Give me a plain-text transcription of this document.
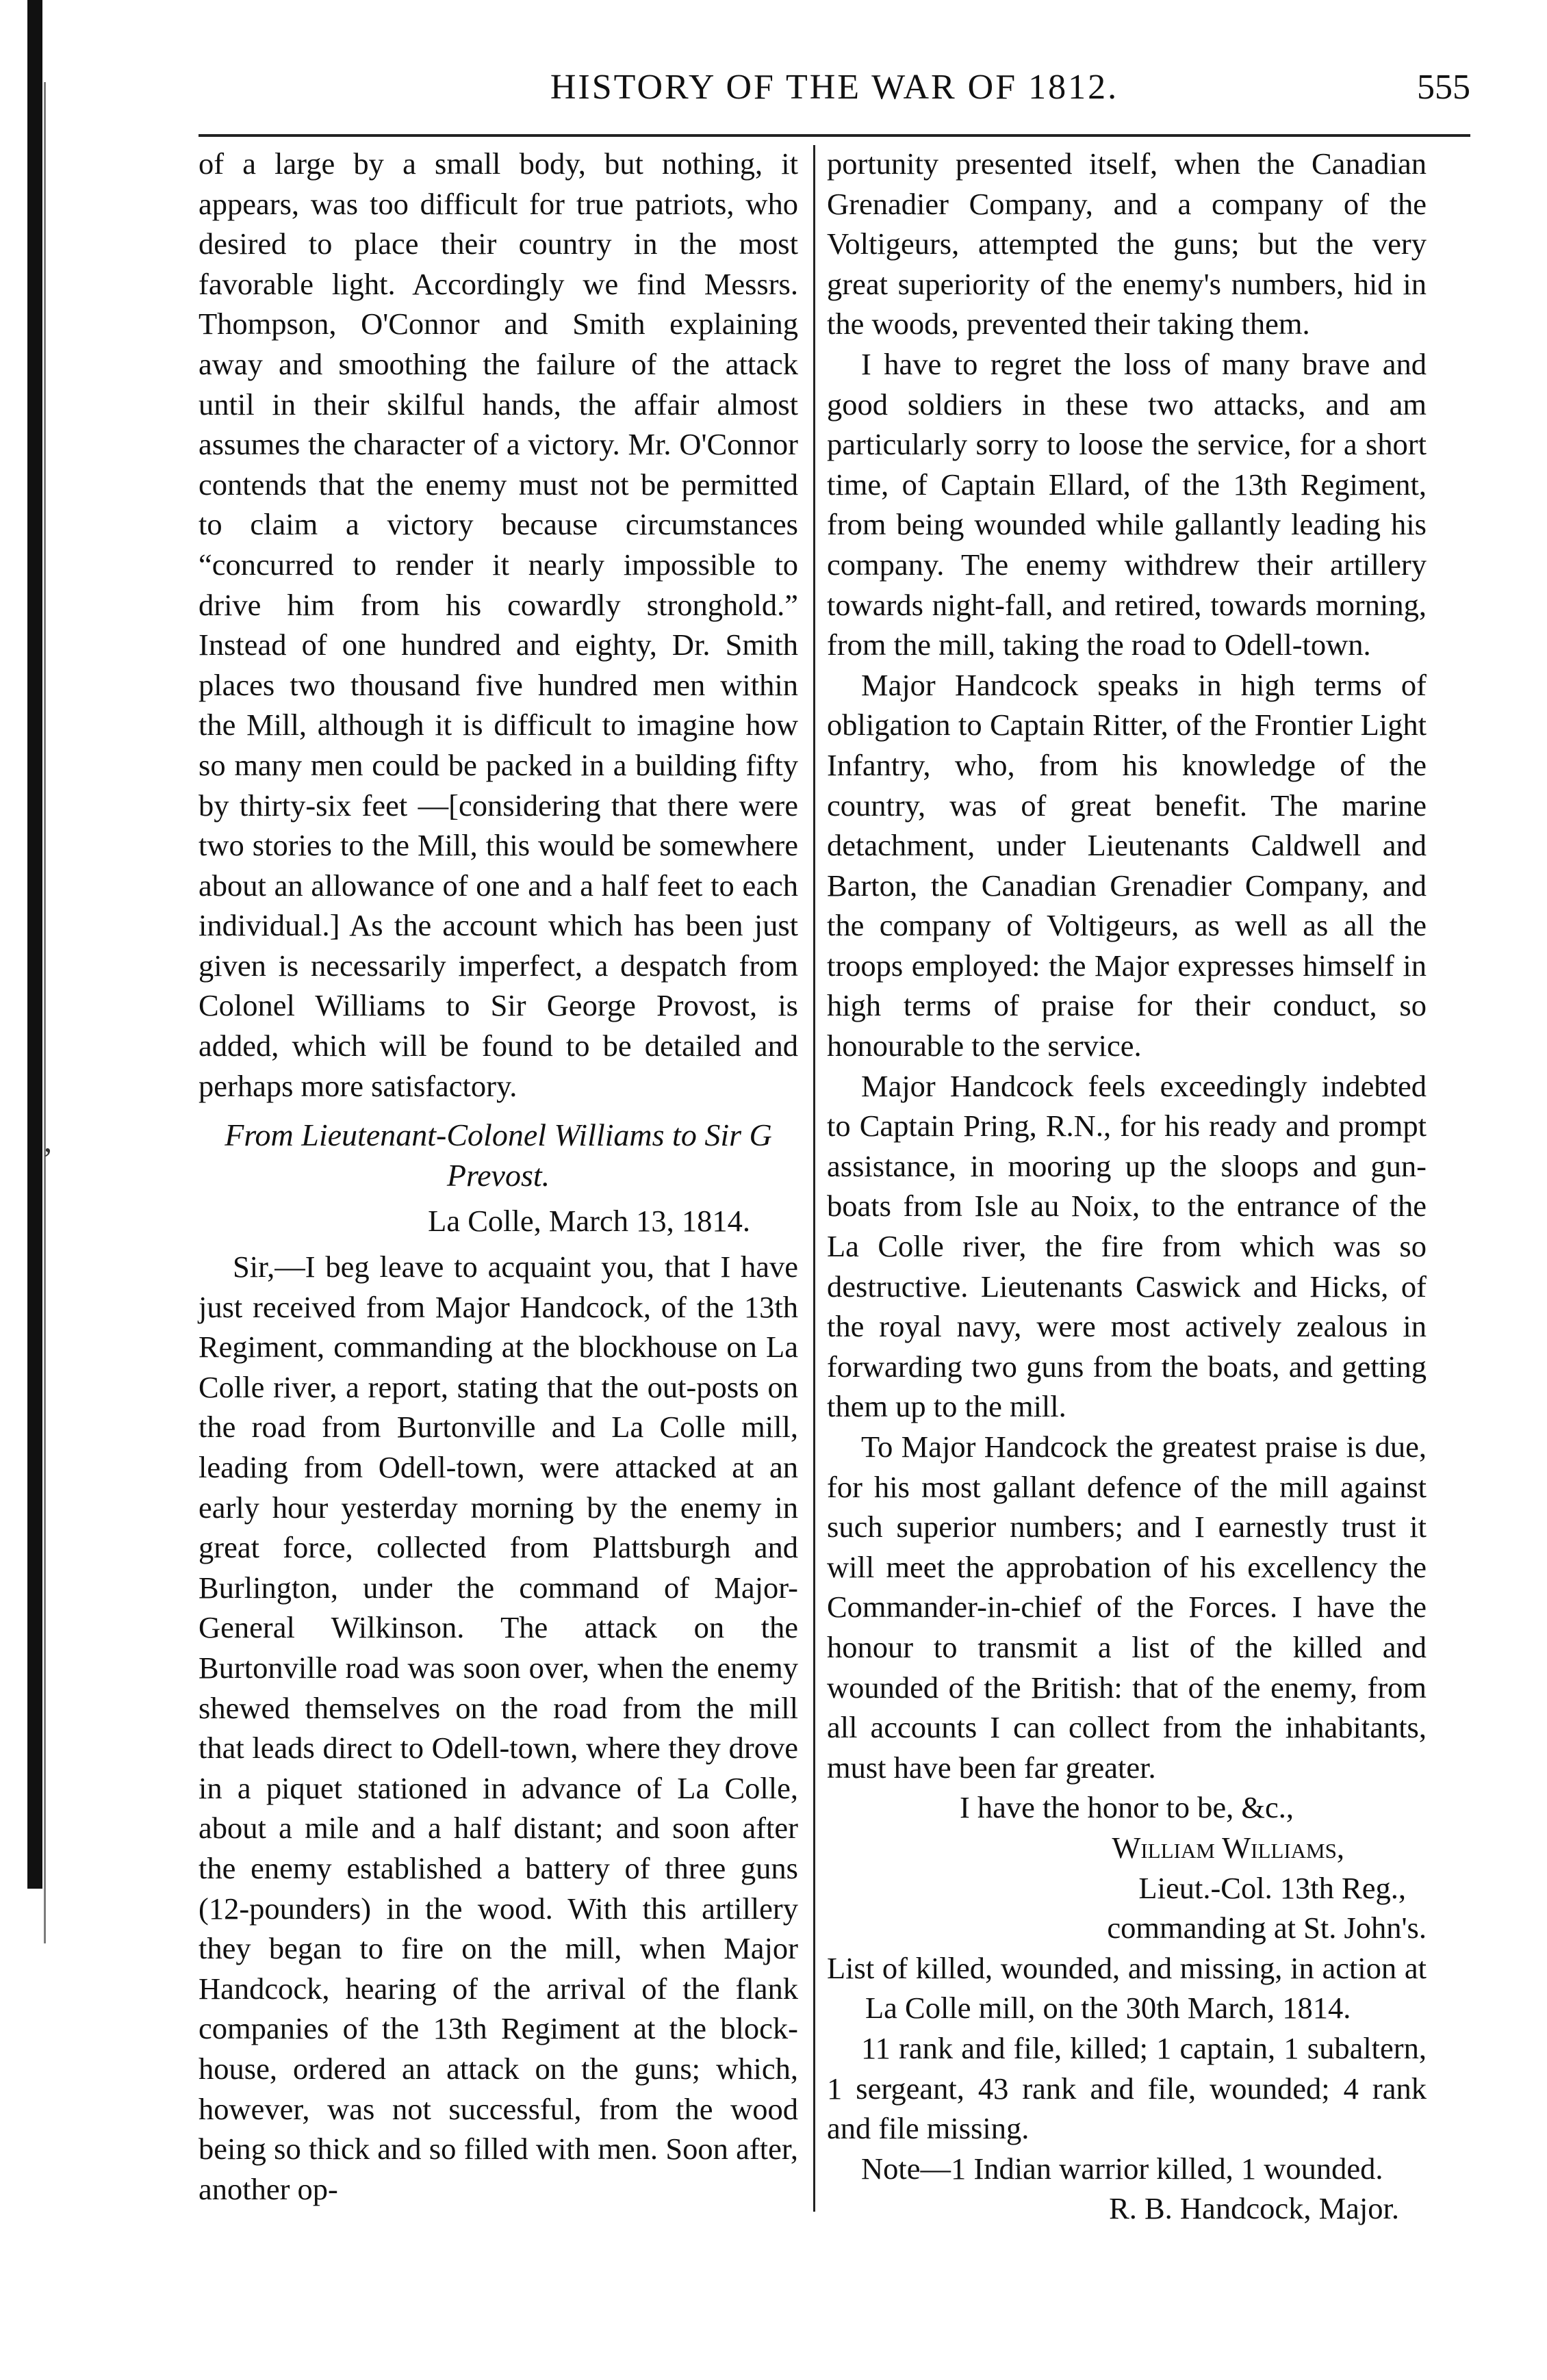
,
HISTORY OF THE WAR OF 1812.	555

of a large by a small body, but nothing, it appears, was too difficult for true patriots, who desired to place their country in the most favorable light. Accordingly we find Messrs. Thompson, O'Connor and Smith explaining away and smoothing the failure of the attack until in their skilful hands, the affair almost assumes the character of a victory. Mr. O'Connor contends that the enemy must not be permitted to claim a victory because circumstances “concurred to render it nearly impossible to drive him from his cowardly stronghold.” Instead of one hundred and eighty, Dr. Smith places two thousand five hundred men within the Mill, although it is difficult to imagine how so many men could be packed in a building fifty by thirty-six feet —[considering that there were two stories to the Mill, this would be somewhere about an allowance of one and a half feet to each individual.] As the account which has been just given is necessarily imperfect, a despatch from Colonel Williams to Sir George Provost, is added, which will be found to be detailed and perhaps more satisfactory.

From Lieutenant-Colonel Williams to Sir G Prevost.

La Colle, March 13, 1814.

Sir,—I beg leave to acquaint you, that I have just received from Major Handcock, of the 13th Regiment, commanding at the blockhouse on La Colle river, a report, stating that the out-posts on the road from Burtonville and La Colle mill, leading from Odell-town, were attacked at an early hour yesterday morning by the enemy in great force, collected from Plattsburgh and Burlington, under the command of Major-General Wilkinson. The attack on the Burtonville road was soon over, when the enemy shewed themselves on the road from the mill that leads direct to Odell-town, where they drove in a piquet stationed in advance of La Colle, about a mile and a half distant; and soon after the enemy established a battery of three guns (12-pounders) in the wood. With this artillery they began to fire on the mill, when Major Handcock, hearing of the arrival of the flank companies of the 13th Regiment at the block-house, ordered an attack on the guns; which, however, was not successful, from the wood being so thick and so filled with men. Soon after, another op-

portunity presented itself, when the Canadian Grenadier Company, and a company of the Voltigeurs, attempted the guns; but the very great superiority of the enemy's numbers, hid in the woods, prevented their taking them.

I have to regret the loss of many brave and good soldiers in these two attacks, and am particularly sorry to loose the service, for a short time, of Captain Ellard, of the 13th Regiment, from being wounded while gallantly leading his company. The enemy withdrew their artillery towards night-fall, and retired, towards morning, from the mill, taking the road to Odell-town.

Major Handcock speaks in high terms of obligation to Captain Ritter, of the Frontier Light Infantry, who, from his knowledge of the country, was of great benefit. The marine detachment, under Lieutenants Caldwell and Barton, the Canadian Grenadier Company, and the company of Voltigeurs, as well as all the troops employed: the Major expresses himself in high terms of praise for their conduct, so honourable to the service.

Major Handcock feels exceedingly indebted to Captain Pring, R.N., for his ready and prompt assistance, in mooring up the sloops and gun-boats from Isle au Noix, to the entrance of the La Colle river, the fire from which was so destructive. Lieutenants Caswick and Hicks, of the royal navy, were most actively zealous in forwarding two guns from the boats, and getting them up to the mill.

To Major Handcock the greatest praise is due, for his most gallant defence of the mill against such superior numbers; and I earnestly trust it will meet the approbation of his excellency the Commander-in-chief of the Forces. I have the honour to transmit a list of the killed and wounded of the British: that of the enemy, from all accounts I can collect from the inhabitants, must have been far greater.

I have the honor to be, &c.,

William Williams,

Lieut.-Col. 13th Reg.,

commanding at St. John's.

List of killed, wounded, and missing, in action at La Colle mill, on the 30th March, 1814.

11 rank and file, killed; 1 captain, 1 subaltern, 1 sergeant, 43 rank and file, wounded; 4 rank and file missing.

Note—1 Indian warrior killed, 1 wounded.

R. B. Handcock, Major.
